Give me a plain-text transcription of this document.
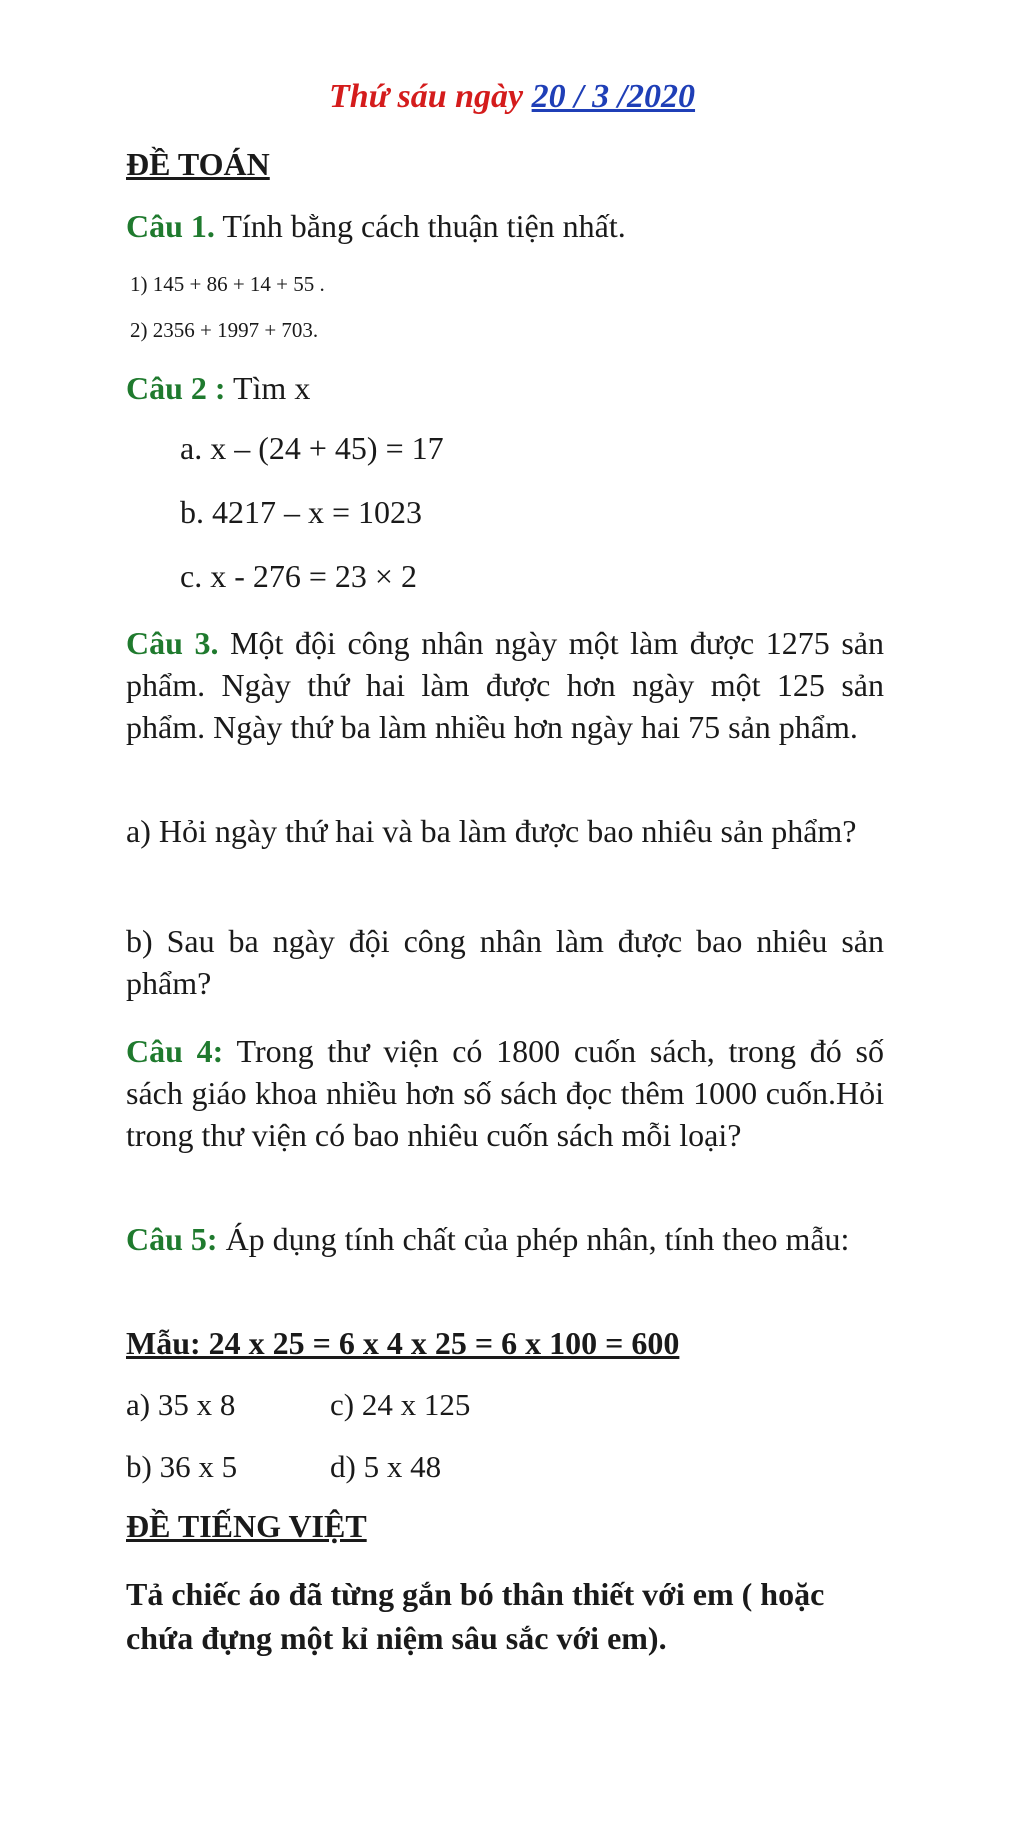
Thứ sáu ngày 20 / 3 /2020
ĐỀ TOÁN
Câu 1. Tính bằng cách thuận tiện nhất.
1) 145 + 86 + 14 + 55 .
2) 2356 + 1997 + 703.
Câu 2 : Tìm x
a. x – (24 + 45) = 17
b. 4217 – x = 1023
c. x - 276 = 23 × 2
Câu 3. Một đội công nhân ngày một làm được 1275 sản phẩm. Ngày thứ hai làm được hơn ngày một 125 sản phẩm. Ngày thứ ba làm nhiều hơn ngày hai 75 sản phẩm.
a) Hỏi ngày thứ hai và ba làm được bao nhiêu sản phẩm?
b) Sau ba ngày đội công nhân làm được bao nhiêu sản phẩm?
Câu 4: Trong thư viện có 1800 cuốn sách, trong đó số sách giáo khoa nhiều hơn số sách đọc thêm 1000 cuốn.Hỏi trong thư viện có bao nhiêu cuốn sách mỗi loại?
Câu 5: Áp dụng tính chất của phép nhân, tính theo mẫu:
Mẫu: 24 x 25 = 6 x 4 x 25 = 6 x 100 = 600
a) 35 x 8	c) 24 x 125
b) 36 x 5	d) 5 x 48
ĐỀ TIẾNG VIỆT
Tả chiếc áo đã từng gắn bó thân thiết với em ( hoặc chứa đựng một kỉ niệm sâu sắc với em).
